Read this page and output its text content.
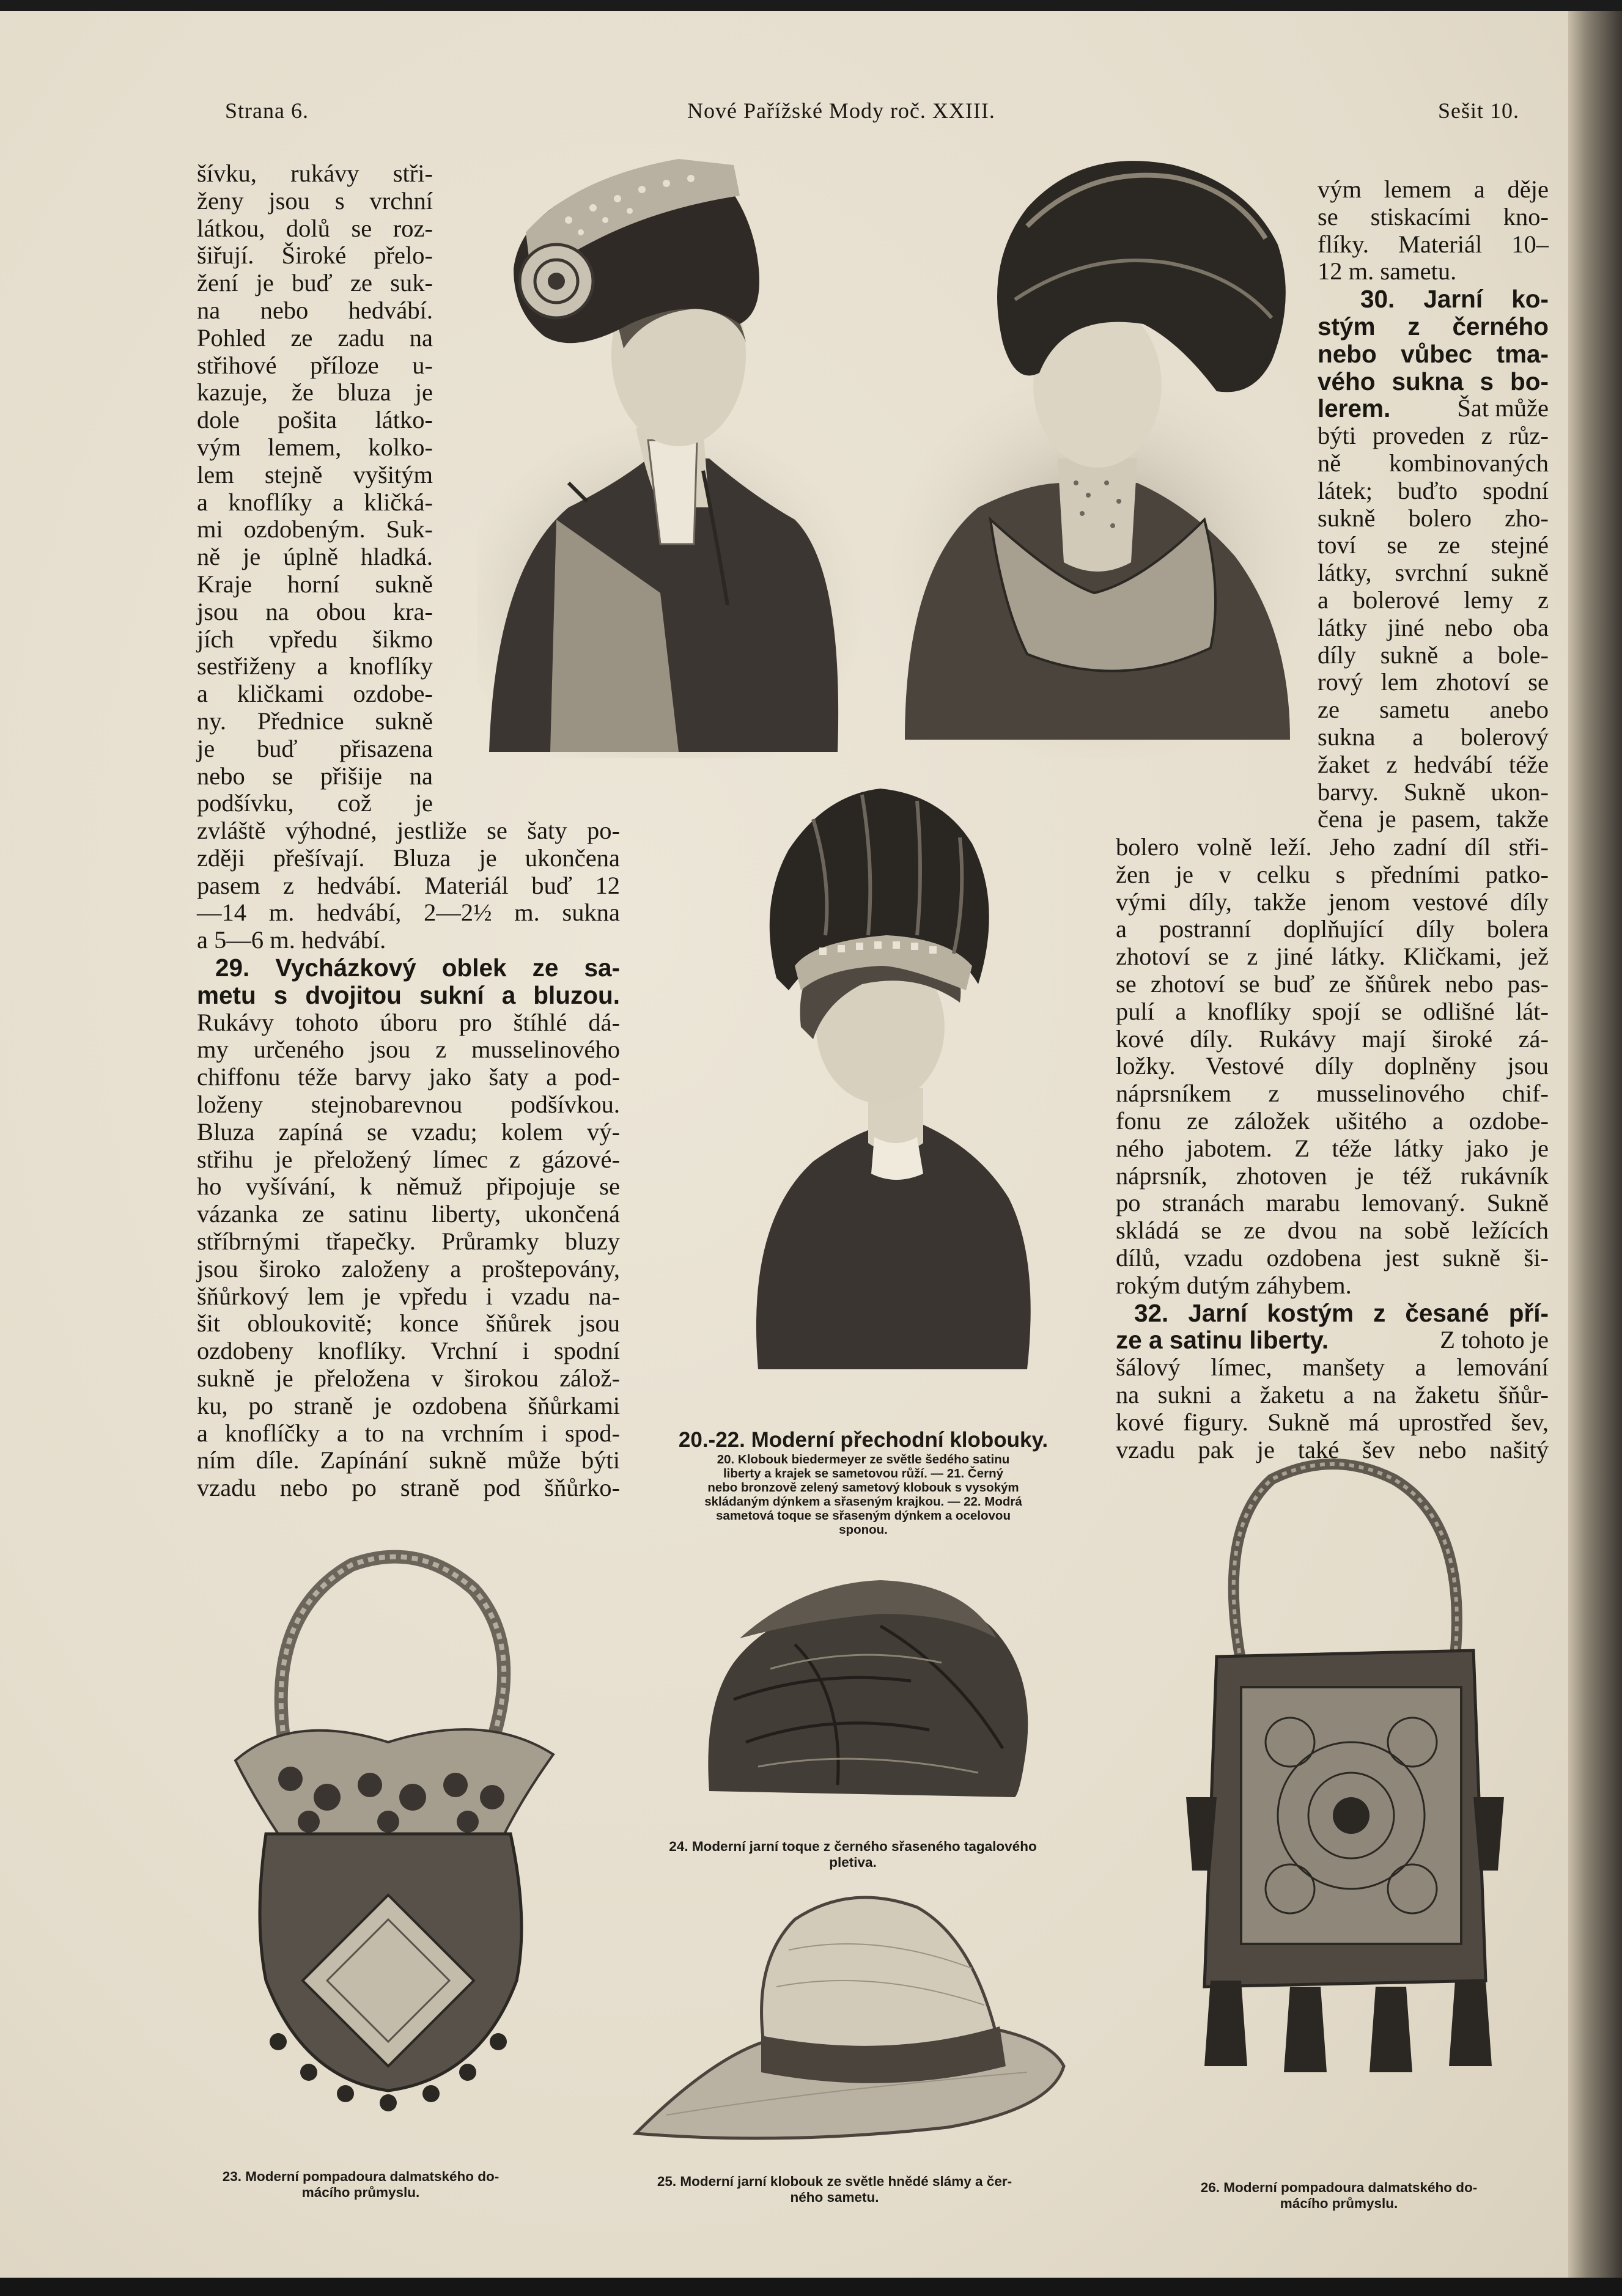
Strana 6.	Nové Pařížské Mody roč. XXIII.	Sešit 10.

šívku, rukávy stři-

ženy jsou s vrchní

látkou, dolů se roz-

šiřují. Široké přelo-

žení je buď ze suk-

na nebo hedvábí.

Pohled ze zadu na

střihové příloze u-

kazuje, že bluza je

dole pošita látko-

vým lemem, kolko-

lem stejně vyšitým

a knoflíky a kličká-

mi ozdobeným. Suk-

ně je úplně hladká.

Kraje horní sukně

jsou na obou kra-

jích vpředu šikmo

sestřiženy a knoflíky

a kličkami ozdobe-

ny. Přednice sukně

je buď přisazena

nebo se přišije na

podšívku, což je

zvláště výhodné, jestliže se šaty po-

zději přešívají. Bluza je ukončena

pasem z hedvábí. Materiál buď 12

—14 m. hedvábí, 2—2½ m. sukna

a 5—6 m. hedvábí.

29. Vycházkový oblek ze sa-

metu s dvojitou sukní a bluzou.

Rukávy tohoto úboru pro štíhlé dá-

my určeného jsou z musselinového

chiffonu téže barvy jako šaty a pod-

loženy stejnobarevnou podšívkou.

Bluza zapíná se vzadu; kolem vý-

střihu je přeložený límec z gázové-

ho vyšívání, k němuž připojuje se

vázanka ze satinu liberty, ukončená

stříbrnými třapečky. Průramky bluzy

jsou široko založeny a proštepovány,

šňůrkový lem je vpředu i vzadu na-

šit obloukovitě; konce šňůrek jsou

ozdobeny knoflíky. Vrchní i spodní

sukně je přeložena v širokou zálož-

ku, po straně je ozdobena šňůrkami

a knoflíčky a to na vrchním i spod-

ním díle. Zapínání sukně může býti

vzadu nebo po straně pod šňůrko-

vým lemem a děje

se stiskacími kno-

flíky. Materiál 10–

12 m. sametu.

30. Jarní ko-

stým z černého

nebo vůbec tma-

vého sukna s bo-

lerem.	Šat může

býti proveden z růz-

ně kombinovaných

látek; buďto spodní

sukně bolero zho-

toví se ze stejné

látky, svrchní sukně

a bolerové lemy z

látky jiné nebo oba

díly sukně a bole-

rový lem zhotoví se

ze sametu anebo

sukna a bolerový

žaket z hedvábí téže

barvy. Sukně ukon-

čena je pasem, takže

bolero volně leží. Jeho zadní díl stři-

žen je v celku s předními patko-

vými díly, takže jenom vestové díly

a postranní doplňující díly bolera

zhotoví se z jiné látky. Kličkami, jež

se zhotoví se buď ze šňůrek nebo pas-

pulí a knoflíky spojí se odlišné lát-

kové díly. Rukávy mají široké zá-

ložky. Vestové díly doplněny jsou

náprsníkem z musselinového chif-

fonu ze záložek ušitého a ozdobe-

ného jabotem. Z téže látky jako je

náprsník, zhotoven je též rukávník

po stranách marabu lemovaný. Sukně

skládá se ze dvou na sobě ležících

dílů, vzadu ozdobena jest sukně ši-

rokým dutým záhybem.

32. Jarní kostým z česané pří-

ze a satinu liberty.	Z tohoto je

šálový límec, manšety a lemování

na sukni a žaketu a na žaketu šňůr-

kové figury. Sukně má uprostřed šev,

vzadu pak je také šev nebo našitý

20.-22. Moderní přechodní klobouky.
20. Klobouk biedermeyer ze světle šedého satinu
liberty a krajek se sametovou růží. — 21. Černý
nebo bronzově zelený sametový klobouk s vysokým
skládaným dýnkem a sřaseným krajkou. — 22. Modrá
sametová toque se sřaseným dýnkem a ocelovou
sponou.
24. Moderní jarní toque z černého sřaseného tagalového
pletiva.
23. Moderní pompadoura dalmatského do-
mácího průmyslu.
25. Moderní jarní klobouk ze světle hnědé slámy a čer-
ného sametu.
26. Moderní pompadoura dalmatského do-
mácího průmyslu.
